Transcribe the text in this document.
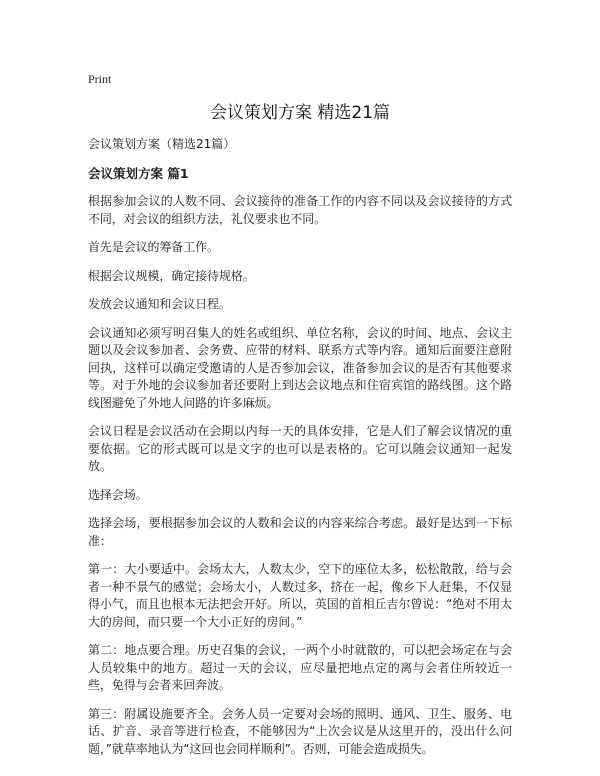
Print
会议策划方案 精选21篇
会议策划方案（精选21篇）
会议策划方案 篇1

根据参加会议的人数不同、会议接待的准备工作的内容不同以及会议接待的方式不同，对会议的组织方法，礼仪要求也不同。

首先是会议的筹备工作。

根据会议规模，确定接待规格。

发放会议通知和会议日程。

会议通知必须写明召集人的姓名或组织、单位名称，会议的时间、地点、会议主题以及会议参加者、会务费、应带的材料、联系方式等内容。通知后面要注意附回执，这样可以确定受邀请的人是否参加会议，准备参加会议的是否有其他要求等。对于外地的会议参加者还要附上到达会议地点和住宿宾馆的路线图。这个路线图避免了外地人问路的许多麻烦。

会议日程是会议活动在会期以内每一天的具体安排，它是人们了解会议情况的重要依据。它的形式既可以是文字的也可以是表格的。它可以随会议通知一起发放。

选择会场。

选择会场，要根据参加会议的人数和会议的内容来综合考虑。最好是达到一下标准：

第一：大小要适中。会场太大，人数太少，空下的座位太多，松松散散，给与会者一种不景气的感觉；会场太小，人数过多，挤在一起，像乡下人赶集，不仅显得小气，而且也根本无法把会开好。所以，英国的首相丘吉尔曾说：“绝对不用太大的房间，而只要一个大小正好的房间。”

第二：地点要合理。历史召集的会议，一两个小时就散的，可以把会场定在与会人员较集中的地方。超过一天的会议，应尽量把地点定的离与会者住所较近一些，免得与会者来回奔波。

第三：附属设施要齐全。会务人员一定要对会场的照明、通风、卫生、服务、电话、扩音、录音等进行检查，不能够因为“上次会议是从这里开的，没出什么问题，”就草率地认为“这回也会同样顺利”。否则，可能会造成损失。
